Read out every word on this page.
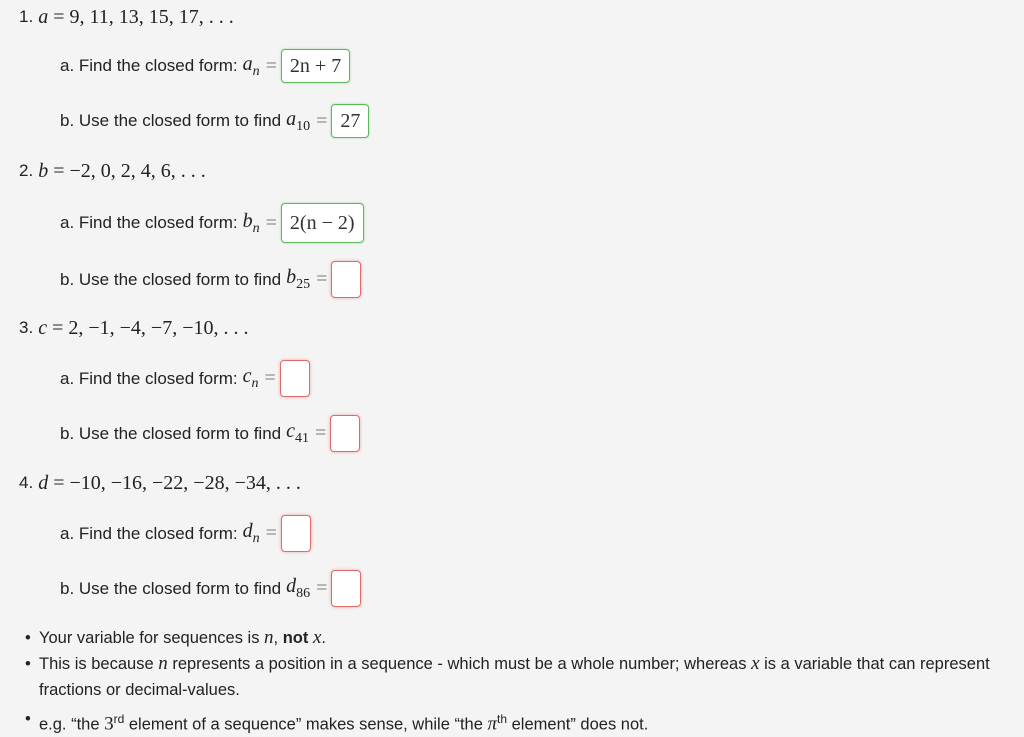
1. a = 9, 11, 13, 15, 17, . . .
a. Find the closed form: $a_n = 2n + 7$
b. Use the closed form to find $a_{10} = 27$
2. b = −2, 0, 2, 4, 6, . . .
a. Find the closed form: $b_n = 2(n - 2)$
b. Use the closed form to find $b_{25}$ =
3. c = 2, −1, −4, −7, −10, . . .
a. Find the closed form: $c_n$ =
b. Use the closed form to find $c_{41}$ =
4. d = −10, −16, −22, −28, −34, . . .
a. Find the closed form: $d_n$ =
b. Use the closed form to find $d_{86}$ =
• Your variable for sequences is n, not x.
• This is because n represents a position in a sequence - which must be a whole number; whereas x is a variable that can represent fractions or decimal-values.
• e.g. “the 3rd element of a sequence” makes sense, while “the $\pi^{th}$ element” does not.
